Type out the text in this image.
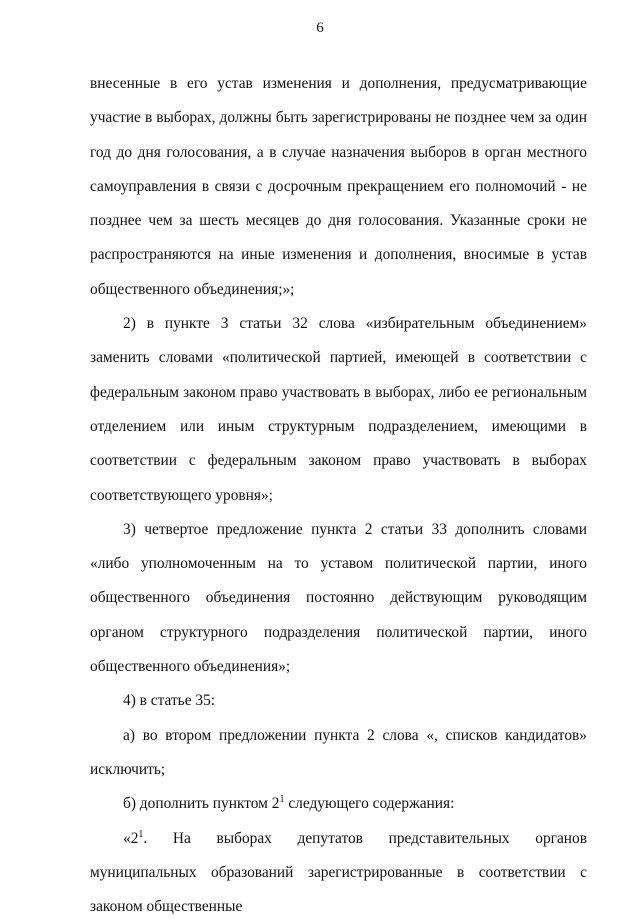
6

внесенные в его устав изменения и дополнения, предусматривающие участие в выборах, должны быть зарегистрированы не позднее чем за один год до дня голосования, а в случае назначения выборов в орган местного самоуправления в связи с досрочным прекращением его полномочий - не позднее чем за шесть месяцев до дня голосования. Указанные сроки не распространяются на иные изменения и дополнения, вносимые в устав общественного объединения;»;

2) в пункте 3 статьи 32 слова «избирательным объединением» заменить словами «политической партией, имеющей в соответствии с федеральным законом право участвовать в выборах, либо ее региональным отделением или иным структурным подразделением, имеющими в соответствии с федеральным законом право участвовать в выборах соответствующего уровня»;

3) четвертое предложение пункта 2 статьи 33 дополнить словами «либо уполномоченным на то уставом политической партии, иного общественного объединения постоянно действующим руководящим органом структурного подразделения политической партии, иного общественного объединения»;

4) в статье 35:

а) во втором предложении пункта 2 слова «, списков кандидатов» исключить;

б) дополнить пунктом $2^1$ следующего содержания:

«$2^1$. На выборах депутатов представительных органов муниципальных образований зарегистрированные в соответствии с законом общественные
